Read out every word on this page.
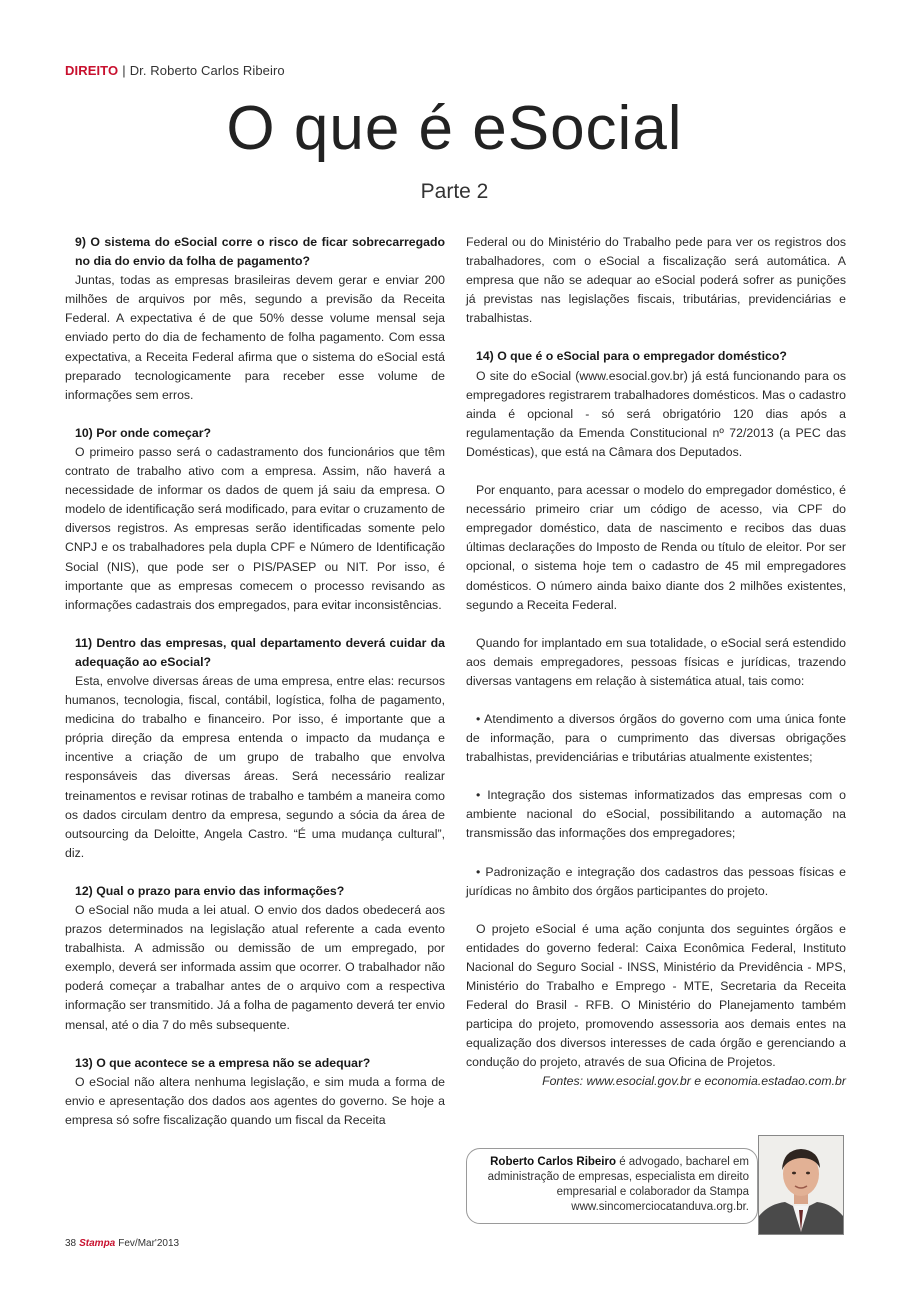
DIREITO | Dr. Roberto Carlos Ribeiro
O que é eSocial
Parte 2

9) O sistema do eSocial corre o risco de ficar sobrecarregado no dia do envio da folha de pagamento?

Juntas, todas as empresas brasileiras devem gerar e enviar 200 milhões de arquivos por mês, segundo a previsão da Receita Federal. A expectativa é de que 50% desse volume mensal seja enviado perto do dia de fechamento de folha pagamento. Com essa expectativa, a Receita Federal afirma que o sistema do eSocial está preparado tecnologicamente para receber esse volume de informações sem erros.

10) Por onde começar?

O primeiro passo será o cadastramento dos funcionários que têm contrato de trabalho ativo com a empresa. Assim, não haverá a necessidade de informar os dados de quem já saiu da empresa. O modelo de identificação será modificado, para evitar o cruzamento de diversos registros. As empresas serão identificadas somente pelo CNPJ e os trabalhadores pela dupla CPF e Número de Identificação Social (NIS), que pode ser o PIS/PASEP ou NIT. Por isso, é importante que as empresas comecem o processo revisando as informações cadastrais dos empregados, para evitar inconsistências.

11) Dentro das empresas, qual departamento deverá cuidar da adequação ao eSocial?

Esta, envolve diversas áreas de uma empresa, entre elas: recursos humanos, tecnologia, fiscal, contábil, logística, folha de pagamento, medicina do trabalho e financeiro. Por isso, é importante que a própria direção da empresa entenda o impacto da mudança e incentive a criação de um grupo de trabalho que envolva responsáveis das diversas áreas. Será necessário realizar treinamentos e revisar rotinas de trabalho e também a maneira como os dados circulam dentro da empresa, segundo a sócia da área de outsourcing da Deloitte, Angela Castro. “É uma mudança cultural”, diz.

12) Qual o prazo para envio das informações?

O eSocial não muda a lei atual. O envio dos dados obedecerá aos prazos determinados na legislação atual referente a cada evento trabalhista. A admissão ou demissão de um empregado, por exemplo, deverá ser informada assim que ocorrer. O trabalhador não poderá começar a trabalhar antes de o arquivo com a respectiva informação ser transmitido. Já a folha de pagamento deverá ter envio mensal, até o dia 7 do mês subsequente.

13) O que acontece se a empresa não se adequar?

O eSocial não altera nenhuma legislação, e sim muda a forma de envio e apresentação dos dados aos agentes do governo. Se hoje a empresa só sofre fiscalização quando um fiscal da Receita

Federal ou do Ministério do Trabalho pede para ver os registros dos trabalhadores, com o eSocial a fiscalização será automática. A empresa que não se adequar ao eSocial poderá sofrer as punições já previstas nas legislações fiscais, tributárias, previdenciárias e trabalhistas.

14) O que é o eSocial para o empregador doméstico?

O site do eSocial (www.esocial.gov.br) já está funcionando para os empregadores registrarem trabalhadores domésticos. Mas o cadastro ainda é opcional - só será obrigatório 120 dias após a regulamentação da Emenda Constitucional nº 72/2013 (a PEC das Domésticas), que está na Câmara dos Deputados.

Por enquanto, para acessar o modelo do empregador doméstico, é necessário primeiro criar um código de acesso, via CPF do empregador doméstico, data de nascimento e recibos das duas últimas declarações do Imposto de Renda ou título de eleitor. Por ser opcional, o sistema hoje tem o cadastro de 45 mil empregadores domésticos. O número ainda baixo diante dos 2 milhões existentes, segundo a Receita Federal.

Quando for implantado em sua totalidade, o eSocial será estendido aos demais empregadores, pessoas físicas e jurídicas, trazendo diversas vantagens em relação à sistemática atual, tais como:

• Atendimento a diversos órgãos do governo com uma única fonte de informação, para o cumprimento das diversas obrigações trabalhistas, previdenciárias e tributárias atualmente existentes;

• Integração dos sistemas informatizados das empresas com o ambiente nacional do eSocial, possibilitando a automação na transmissão das informações dos empregadores;

• Padronização e integração dos cadastros das pessoas físicas e jurídicas no âmbito dos órgãos participantes do projeto.

O projeto eSocial é uma ação conjunta dos seguintes órgãos e entidades do governo federal: Caixa Econômica Federal, Instituto Nacional do Seguro Social - INSS, Ministério da Previdência - MPS, Ministério do Trabalho e Emprego - MTE, Secretaria da Receita Federal do Brasil - RFB. O Ministério do Planejamento também participa do projeto, promovendo assessoria aos demais entes na equalização dos diversos interesses de cada órgão e gerenciando a condução do projeto, através de sua Oficina de Projetos.

Fontes: www.esocial.gov.br e economia.estadao.com.br

Roberto Carlos Ribeiro é advogado, bacharel em administração de empresas, especialista em direito empresarial e colaborador da Stampa
www.sincomerciocatanduva.org.br.
38 Stampa Fev/Mar'2013
